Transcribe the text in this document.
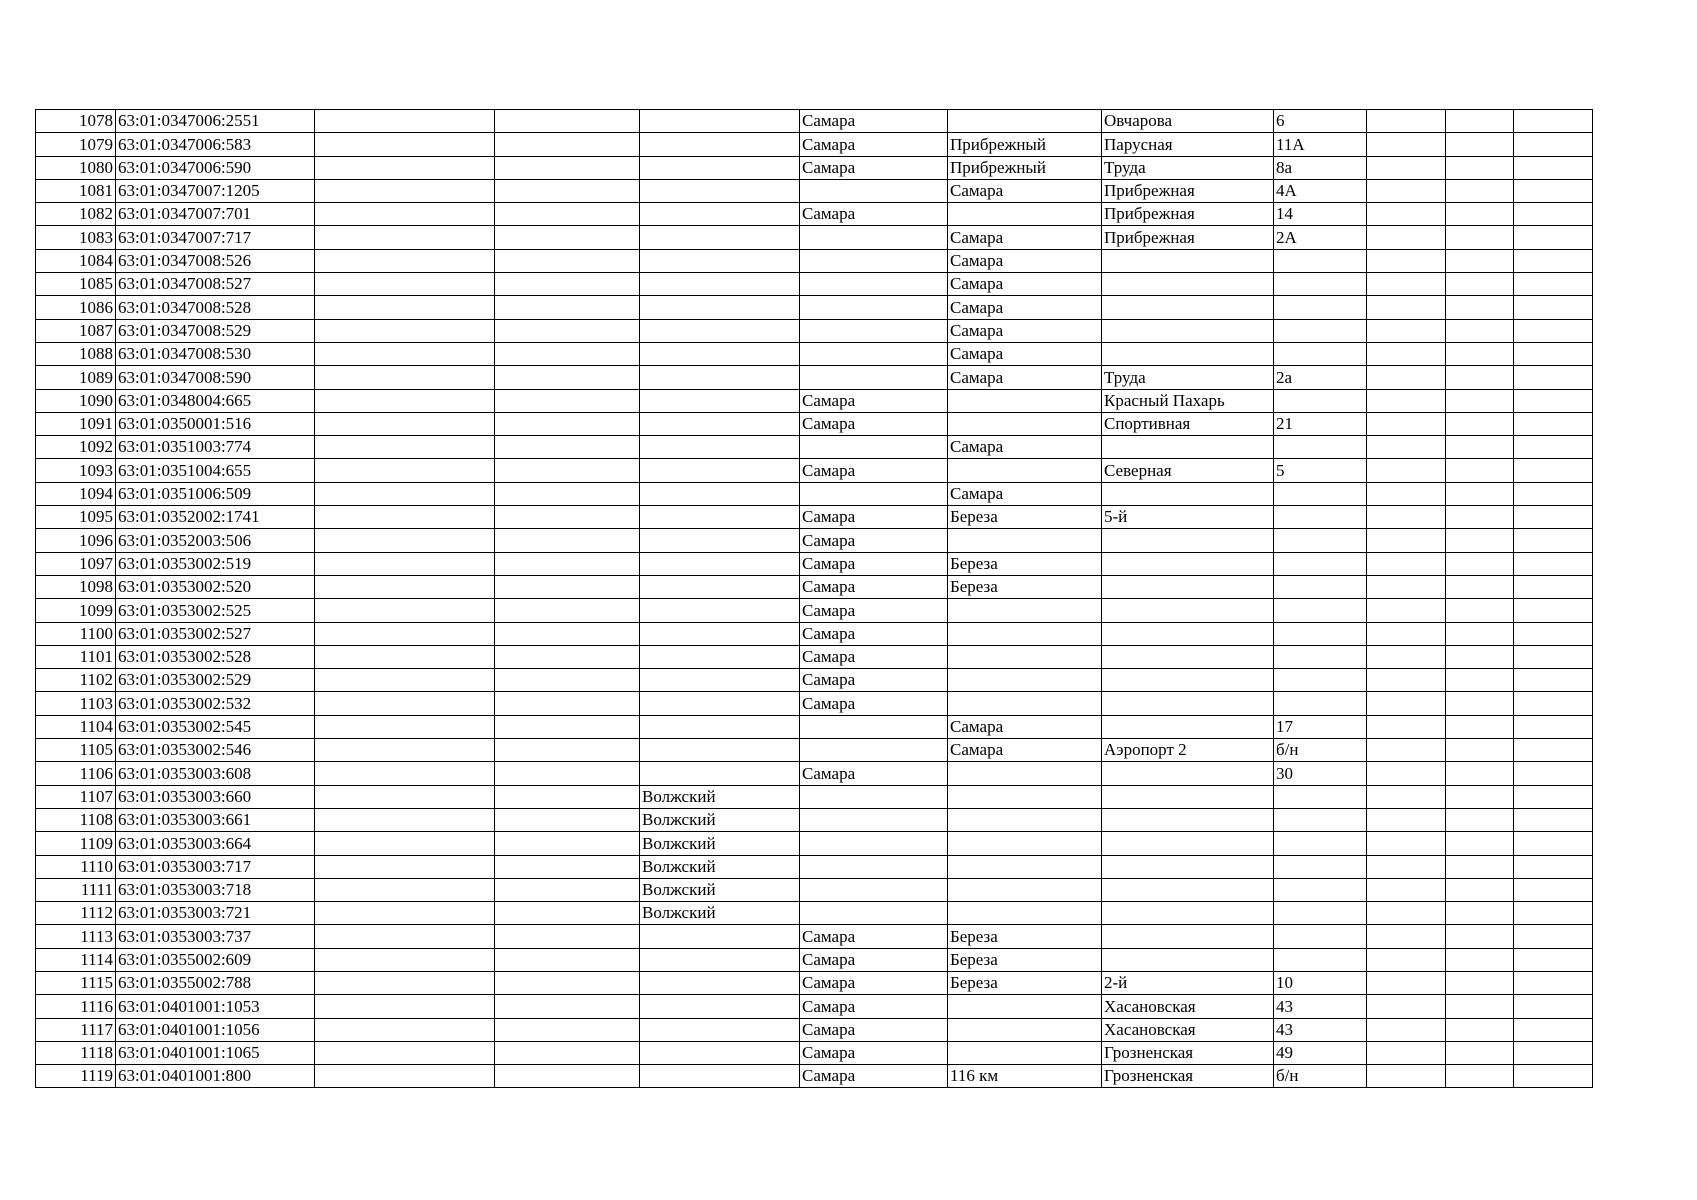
1078	63:01:0347006:2551				Самара		Овчарова	6			
1079	63:01:0347006:583				Самара	Прибрежный	Парусная	11А			
1080	63:01:0347006:590				Самара	Прибрежный	Труда	8а			
1081	63:01:0347007:1205					Самара	Прибрежная	4А			
1082	63:01:0347007:701				Самара		Прибрежная	14			
1083	63:01:0347007:717					Самара	Прибрежная	2А			
1084	63:01:0347008:526					Самара					
1085	63:01:0347008:527					Самара					
1086	63:01:0347008:528					Самара					
1087	63:01:0347008:529					Самара					
1088	63:01:0347008:530					Самара					
1089	63:01:0347008:590					Самара	Труда	2а			
1090	63:01:0348004:665				Самара		Красный Пахарь				
1091	63:01:0350001:516				Самара		Спортивная	21			
1092	63:01:0351003:774					Самара					
1093	63:01:0351004:655				Самара		Северная	5			
1094	63:01:0351006:509					Самара					
1095	63:01:0352002:1741				Самара	Береза	5-й				
1096	63:01:0352003:506				Самара						
1097	63:01:0353002:519				Самара	Береза					
1098	63:01:0353002:520				Самара	Береза					
1099	63:01:0353002:525				Самара						
1100	63:01:0353002:527				Самара						
1101	63:01:0353002:528				Самара						
1102	63:01:0353002:529				Самара						
1103	63:01:0353002:532				Самара						
1104	63:01:0353002:545					Самара		17			
1105	63:01:0353002:546					Самара	Аэропорт 2	б/н			
1106	63:01:0353003:608				Самара			30			
1107	63:01:0353003:660			Волжский							
1108	63:01:0353003:661			Волжский							
1109	63:01:0353003:664			Волжский							
1110	63:01:0353003:717			Волжский							
1111	63:01:0353003:718			Волжский							
1112	63:01:0353003:721			Волжский							
1113	63:01:0353003:737				Самара	Береза					
1114	63:01:0355002:609				Самара	Береза					
1115	63:01:0355002:788				Самара	Береза	2-й	10			
1116	63:01:0401001:1053				Самара		Хасановская	43			
1117	63:01:0401001:1056				Самара		Хасановская	43			
1118	63:01:0401001:1065				Самара		Грозненская	49			
1119	63:01:0401001:800				Самара	116 км	Грозненская	б/н			
